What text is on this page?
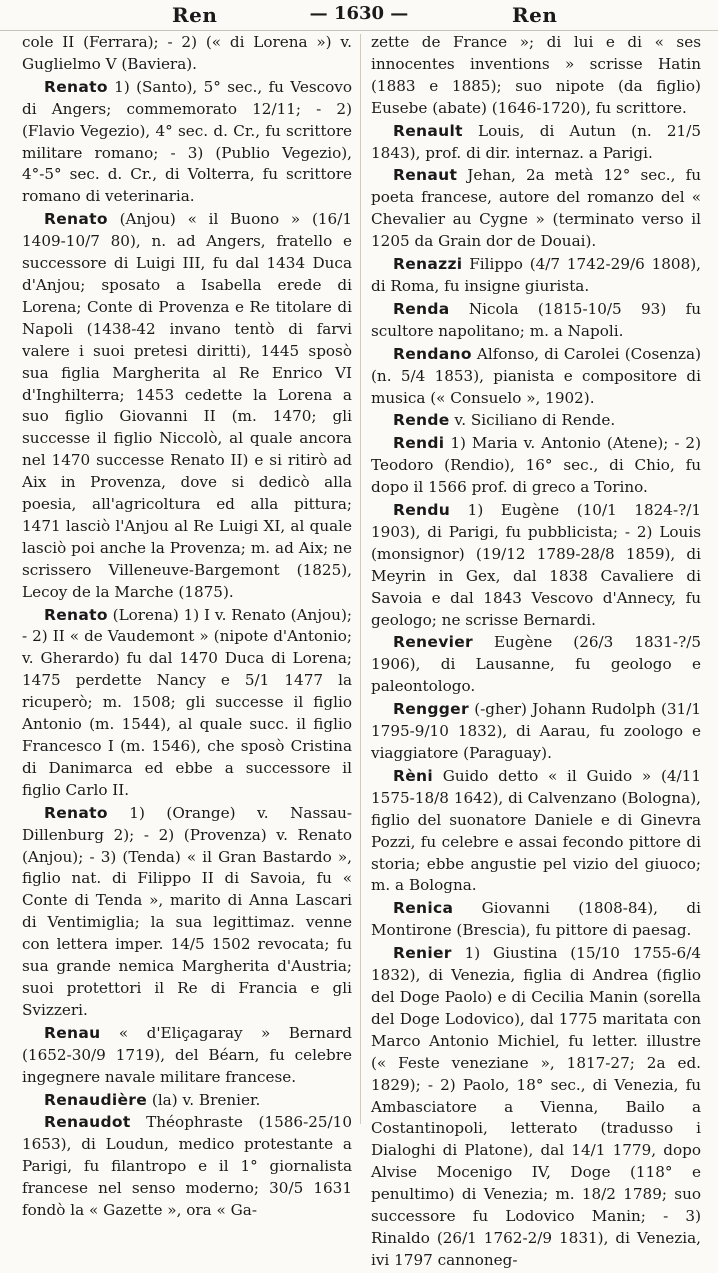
Ren	— 1630 —	Ren

cole II (Ferrara); - 2) (« di Lorena ») v. Guglielmo V (Baviera).

Renato 1) (Santo), 5° sec., fu Vescovo di Angers; commemorato 12/11; - 2) (Flavio Vegezio), 4° sec. d. Cr., fu scrittore militare romano; - 3) (Publio Vegezio), 4°-5° sec. d. Cr., di Volterra, fu scrittore romano di veterinaria.

Renato (Anjou) « il Buono » (16/1 1409-10/7 80), n. ad Angers, fratello e successore di Luigi III, fu dal 1434 Duca d'Anjou; sposato a Isabella erede di Lorena; Conte di Provenza e Re titolare di Napoli (1438-42 invano tentò di farvi valere i suoi pretesi diritti), 1445 sposò sua figlia Margherita al Re Enrico VI d'Inghilterra; 1453 cedette la Lorena a suo figlio Giovanni II (m. 1470; gli successe il figlio Niccolò, al quale ancora nel 1470 successe Renato II) e si ritirò ad Aix in Provenza, dove si dedicò alla poesia, all'agricoltura ed alla pittura; 1471 lasciò l'Anjou al Re Luigi XI, al quale lasciò poi anche la Provenza; m. ad Aix; ne scrissero Villeneuve-Bargemont (1825), Lecoy de la Marche (1875).

Renato (Lorena) 1) I v. Renato (Anjou); - 2) II « de Vaudemont » (nipote d'Antonio; v. Gherardo) fu dal 1470 Duca di Lorena; 1475 perdette Nancy e 5/1 1477 la ricuperò; m. 1508; gli successe il figlio Antonio (m. 1544), al quale succ. il figlio Francesco I (m. 1546), che sposò Cristina di Danimarca ed ebbe a successore il figlio Carlo II.

Renato 1) (Orange) v. Nassau-Dillenburg 2); - 2) (Provenza) v. Renato (Anjou); - 3) (Tenda) « il Gran Bastardo », figlio nat. di Filippo II di Savoia, fu « Conte di Tenda », marito di Anna Lascari di Ventimiglia; la sua legittimaz. venne con lettera imper. 14/5 1502 revocata; fu sua grande nemica Margherita d'Austria; suoi protettori il Re di Francia e gli Svizzeri.

Renau « d'Eliçagaray » Bernard (1652-30/9 1719), del Béarn, fu celebre ingegnere navale militare francese.

Renaudière (la) v. Brenier.

Renaudot Théophraste (1586-25/10 1653), di Loudun, medico protestante a Parigi, fu filantropo e il 1° giornalista francese nel senso moderno; 30/5 1631 fondò la « Gazette », ora « Ga-

zette de France »; di lui e di « ses innocentes inventions » scrisse Hatin (1883 e 1885); suo nipote (da figlio) Eusebe (abate) (1646-1720), fu scrittore.

Renault Louis, di Autun (n. 21/5 1843), prof. di dir. internaz. a Parigi.

Renaut Jehan, 2a metà 12° sec., fu poeta francese, autore del romanzo del « Chevalier au Cygne » (terminato verso il 1205 da Grain dor de Douai).

Renazzi Filippo (4/7 1742-29/6 1808), di Roma, fu insigne giurista.

Renda Nicola (1815-10/5 93) fu scultore napolitano; m. a Napoli.

Rendano Alfonso, di Carolei (Cosenza) (n. 5/4 1853), pianista e compositore di musica (« Consuelo », 1902).

Rende v. Siciliano di Rende.

Rendi 1) Maria v. Antonio (Atene); - 2) Teodoro (Rendio), 16° sec., di Chio, fu dopo il 1566 prof. di greco a Torino.

Rendu 1) Eugène (10/1 1824-?/1 1903), di Parigi, fu pubblicista; - 2) Louis (monsignor) (19/12 1789-28/8 1859), di Meyrin in Gex, dal 1838 Cavaliere di Savoia e dal 1843 Vescovo d'Annecy, fu geologo; ne scrisse Bernardi.

Renevier Eugène (26/3 1831-?/5 1906), di Lausanne, fu geologo e paleontologo.

Rengger (-gher) Johann Rudolph (31/1 1795-9/10 1832), di Aarau, fu zoologo e viaggiatore (Paraguay).

Rèni Guido detto « il Guido » (4/11 1575-18/8 1642), di Calvenzano (Bologna), figlio del suonatore Daniele e di Ginevra Pozzi, fu celebre e assai fecondo pittore di storia; ebbe angustie pel vizio del giuoco; m. a Bologna.

Renica Giovanni (1808-84), di Montirone (Brescia), fu pittore di paesag.

Renier 1) Giustina (15/10 1755-6/4 1832), di Venezia, figlia di Andrea (figlio del Doge Paolo) e di Cecilia Manin (sorella del Doge Lodovico), dal 1775 maritata con Marco Antonio Michiel, fu letter. illustre (« Feste veneziane », 1817-27; 2a ed. 1829); - 2) Paolo, 18° sec., di Venezia, fu Ambasciatore a Vienna, Bailo a Costantinopoli, letterato (tradusso i Dialoghi di Platone), dal 14/1 1779, dopo Alvise Mocenigo IV, Doge (118° e penultimo) di Venezia; m. 18/2 1789; suo successore fu Lodovico Manin; - 3) Rinaldo (26/1 1762-2/9 1831), di Venezia, ivi 1797 cannoneg-
